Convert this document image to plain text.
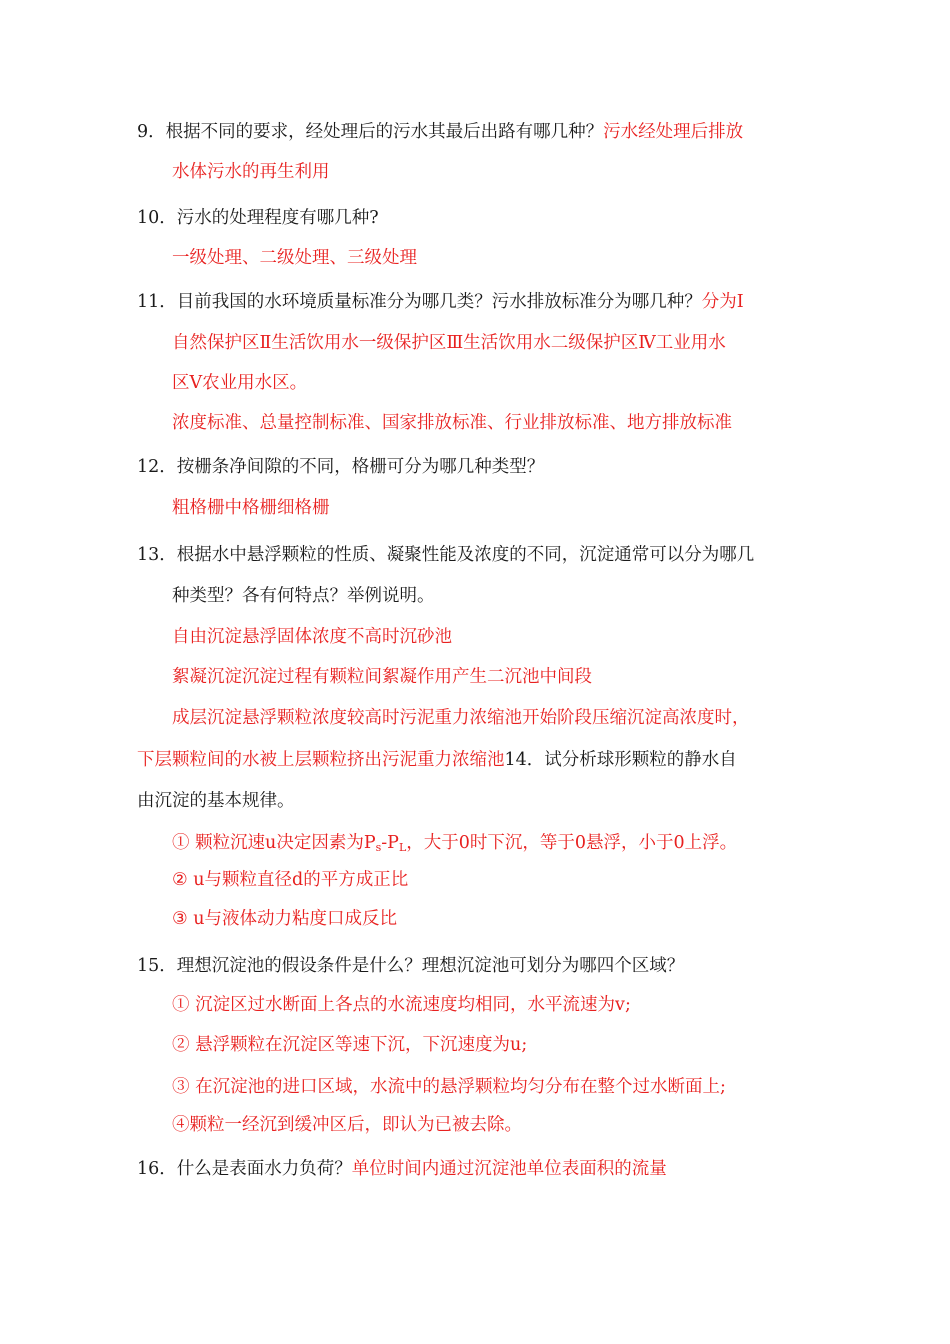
9．根据不同的要求，经处理后的污水其最后出路有哪几种？污水经处理后排放
水体污水的再生利用
10．污水的处理程度有哪几种?
一级处理、二级处理、三级处理
11．目前我国的水环境质量标准分为哪几类？污水排放标准分为哪几种？分为Ⅰ
自然保护区Ⅱ生活饮用水一级保护区Ⅲ生活饮用水二级保护区Ⅳ工业用水
区Ⅴ农业用水区。
浓度标准、总量控制标准、国家排放标准、行业排放标准、地方排放标准
12．按栅条净间隙的不同，格栅可分为哪几种类型？
粗格栅中格栅细格栅
13．根据水中悬浮颗粒的性质、凝聚性能及浓度的不同，沉淀通常可以分为哪几
种类型？各有何特点？举例说明。
自由沉淀悬浮固体浓度不高时沉砂池
絮凝沉淀沉淀过程有颗粒间絮凝作用产生二沉池中间段
成层沉淀悬浮颗粒浓度较高时污泥重力浓缩池开始阶段压缩沉淀高浓度时，
下层颗粒间的水被上层颗粒挤出污泥重力浓缩池14．试分析球形颗粒的静水自
由沉淀的基本规律。
① 颗粒沉速u决定因素为$P_s-P_L$，大于0时下沉，等于0悬浮，小于0上浮。
② u与颗粒直径d的平方成正比
③ u与液体动力粘度口成反比
15．理想沉淀池的假设条件是什么？理想沉淀池可划分为哪四个区域？
① 沉淀区过水断面上各点的水流速度均相同，水平流速为v;
② 悬浮颗粒在沉淀区等速下沉，下沉速度为u;
③ 在沉淀池的进口区域，水流中的悬浮颗粒均匀分布在整个过水断面上;
④颗粒一经沉到缓冲区后，即认为已被去除。
16．什么是表面水力负荷？单位时间内通过沉淀池单位表面积的流量
